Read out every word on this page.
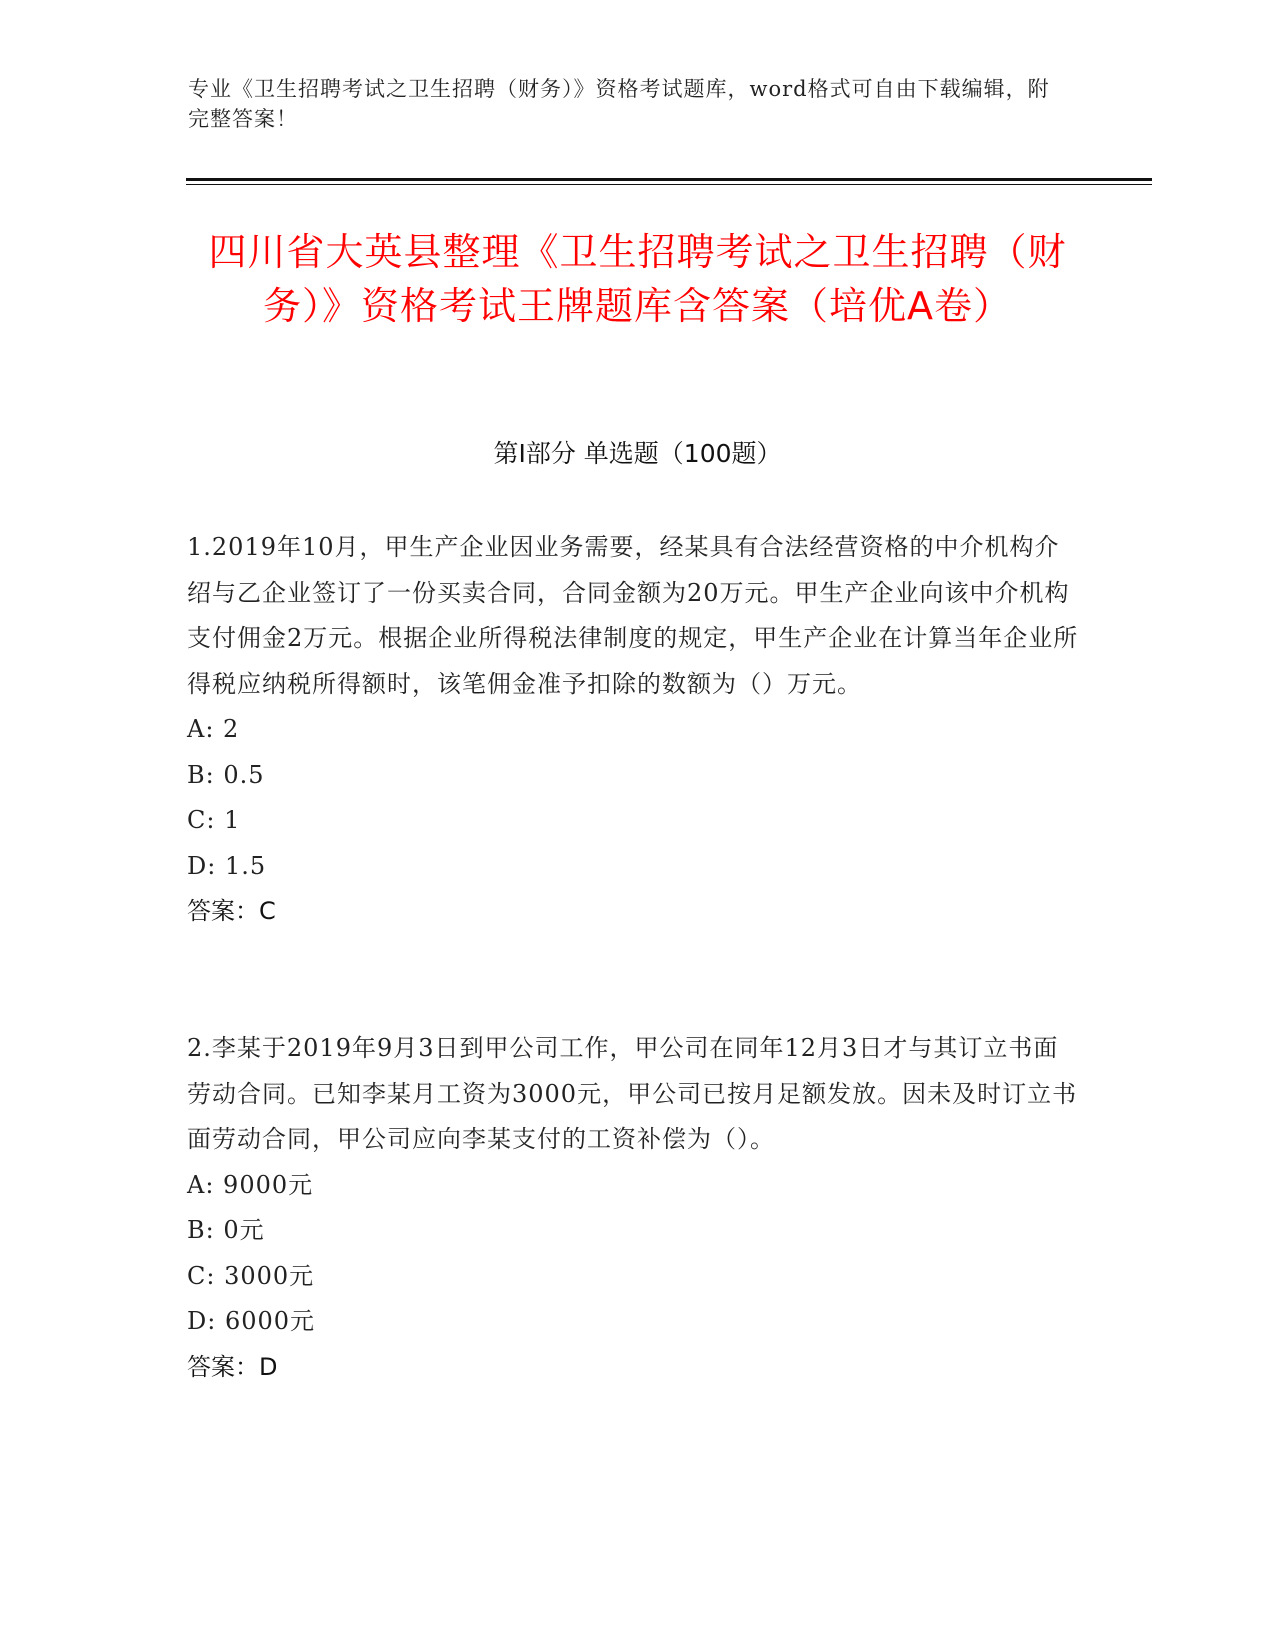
专业《卫生招聘考试之卫生招聘（财务）》资格考试题库，word格式可自由下载编辑，附完整答案！
四川省大英县整理《卫生招聘考试之卫生招聘（财务）》资格考试王牌题库含答案（培优A卷）
第I部分 单选题（100题）

1.2019年10月，甲生产企业因业务需要，经某具有合法经营资格的中介机构介绍与乙企业签订了一份买卖合同，合同金额为20万元。甲生产企业向该中介机构支付佣金2万元。根据企业所得税法律制度的规定，甲生产企业在计算当年企业所得税应纳税所得额时，该笔佣金准予扣除的数额为（）万元。

A: 2

B: 0.5

C: 1

D: 1.5

答案：C

2.李某于2019年9月3日到甲公司工作，甲公司在同年12月3日才与其订立书面劳动合同。已知李某月工资为3000元，甲公司已按月足额发放。因未及时订立书面劳动合同，甲公司应向李某支付的工资补偿为（）。

A: 9000元

B: 0元

C: 3000元

D: 6000元

答案：D
